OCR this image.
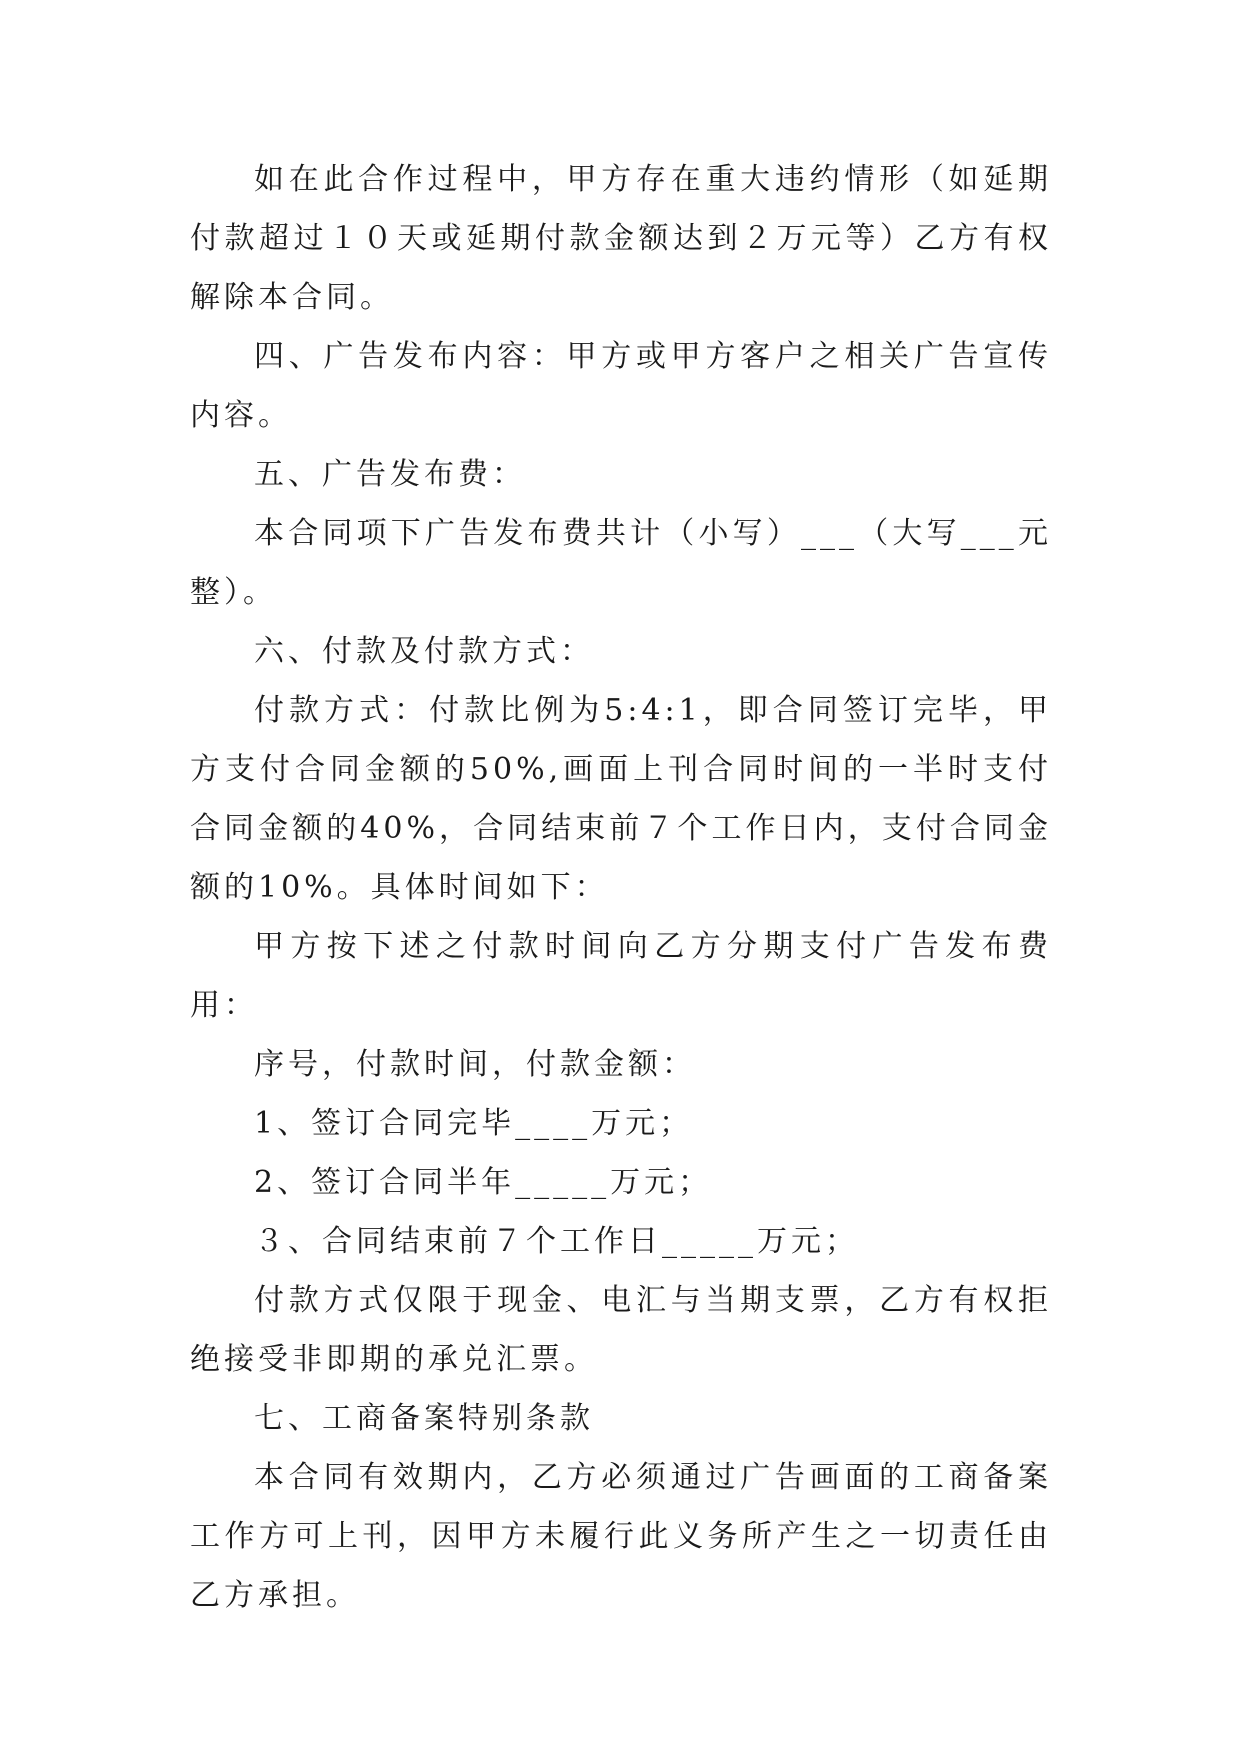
如在此合作过程中，甲方存在重大违约情形（如延期付款超过１０天或延期付款金额达到２万元等）乙方有权解除本合同。

四、广告发布内容：甲方或甲方客户之相关广告宣传内容。

五、广告发布费：

本合同项下广告发布费共计（小写）___（大写___元整）。

六、付款及付款方式：

付款方式：付款比例为5:4:1，即合同签订完毕，甲方支付合同金额的50%,画面上刊合同时间的一半时支付合同金额的40%，合同结束前７个工作日内，支付合同金额的10%。具体时间如下：

甲方按下述之付款时间向乙方分期支付广告发布费用：

序号，付款时间，付款金额：

1、签订合同完毕____万元；

2、签订合同半年_____万元；

３、合同结束前７个工作日_____万元；

付款方式仅限于现金、电汇与当期支票，乙方有权拒绝接受非即期的承兑汇票。

七、工商备案特别条款

本合同有效期内，乙方必须通过广告画面的工商备案工作方可上刊，因甲方未履行此义务所产生之一切责任由乙方承担。
